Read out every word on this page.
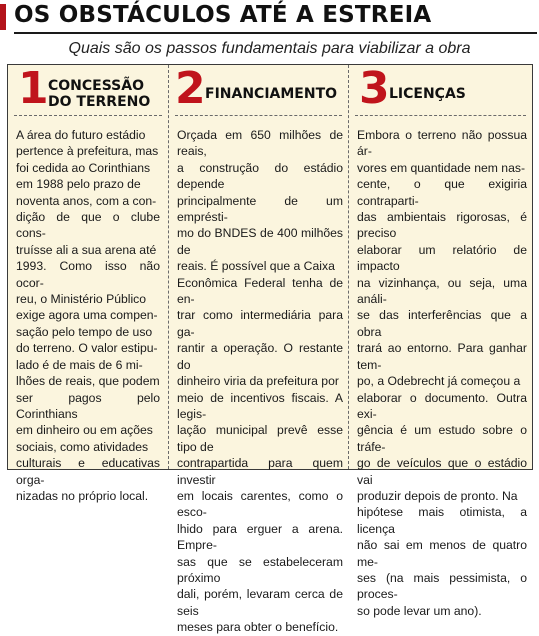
OS OBSTÁCULOS ATÉ A ESTREIA
Quais são os passos fundamentais para viabilizar a obra
1 CONCESSÃO
DO TERRENO
A área do futuro estádio
pertence à prefeitura, mas
foi cedida ao Corinthians
em 1988 pelo prazo de
noventa anos, com a con-
dição de que o clube cons-
truísse ali a sua arena até
1993. Como isso não ocor-
reu, o Ministério Público
exige agora uma compen-
sação pelo tempo de uso
do terreno. O valor estipu-
lado é de mais de 6 mi-
lhões de reais, que podem
ser pagos pelo Corinthians
em dinheiro ou em ações
sociais, como atividades
culturais e educativas orga-
nizadas no próprio local.
2 FINANCIAMENTO
Orçada em 650 milhões de reais,
a construção do estádio depende
principalmente de um emprésti-
mo do BNDES de 400 milhões de
reais. É possível que a Caixa
Econômica Federal tenha de en-
trar como intermediária para ga-
rantir a operação. O restante do
dinheiro viria da prefeitura por
meio de incentivos fiscais. A legis-
lação municipal prevê esse tipo de
contrapartida para quem investir
em locais carentes, como o esco-
lhido para erguer a arena. Empre-
sas que se estabeleceram próximo
dali, porém, levaram cerca de seis
meses para obter o benefício.
3 LICENÇAS
Embora o terreno não possua ár-
vores em quantidade nem nas-
cente, o que exigiria contraparti-
das ambientais rigorosas, é preciso
elaborar um relatório de impacto
na vizinhança, ou seja, uma análi-
se das interferências que a obra
trará ao entorno. Para ganhar tem-
po, a Odebrecht já começou a
elaborar o documento. Outra exi-
gência é um estudo sobre o tráfe-
go de veículos que o estádio vai
produzir depois de pronto. Na
hipótese mais otimista, a licença
não sai em menos de quatro me-
ses (na mais pessimista, o proces-
so pode levar um ano).
